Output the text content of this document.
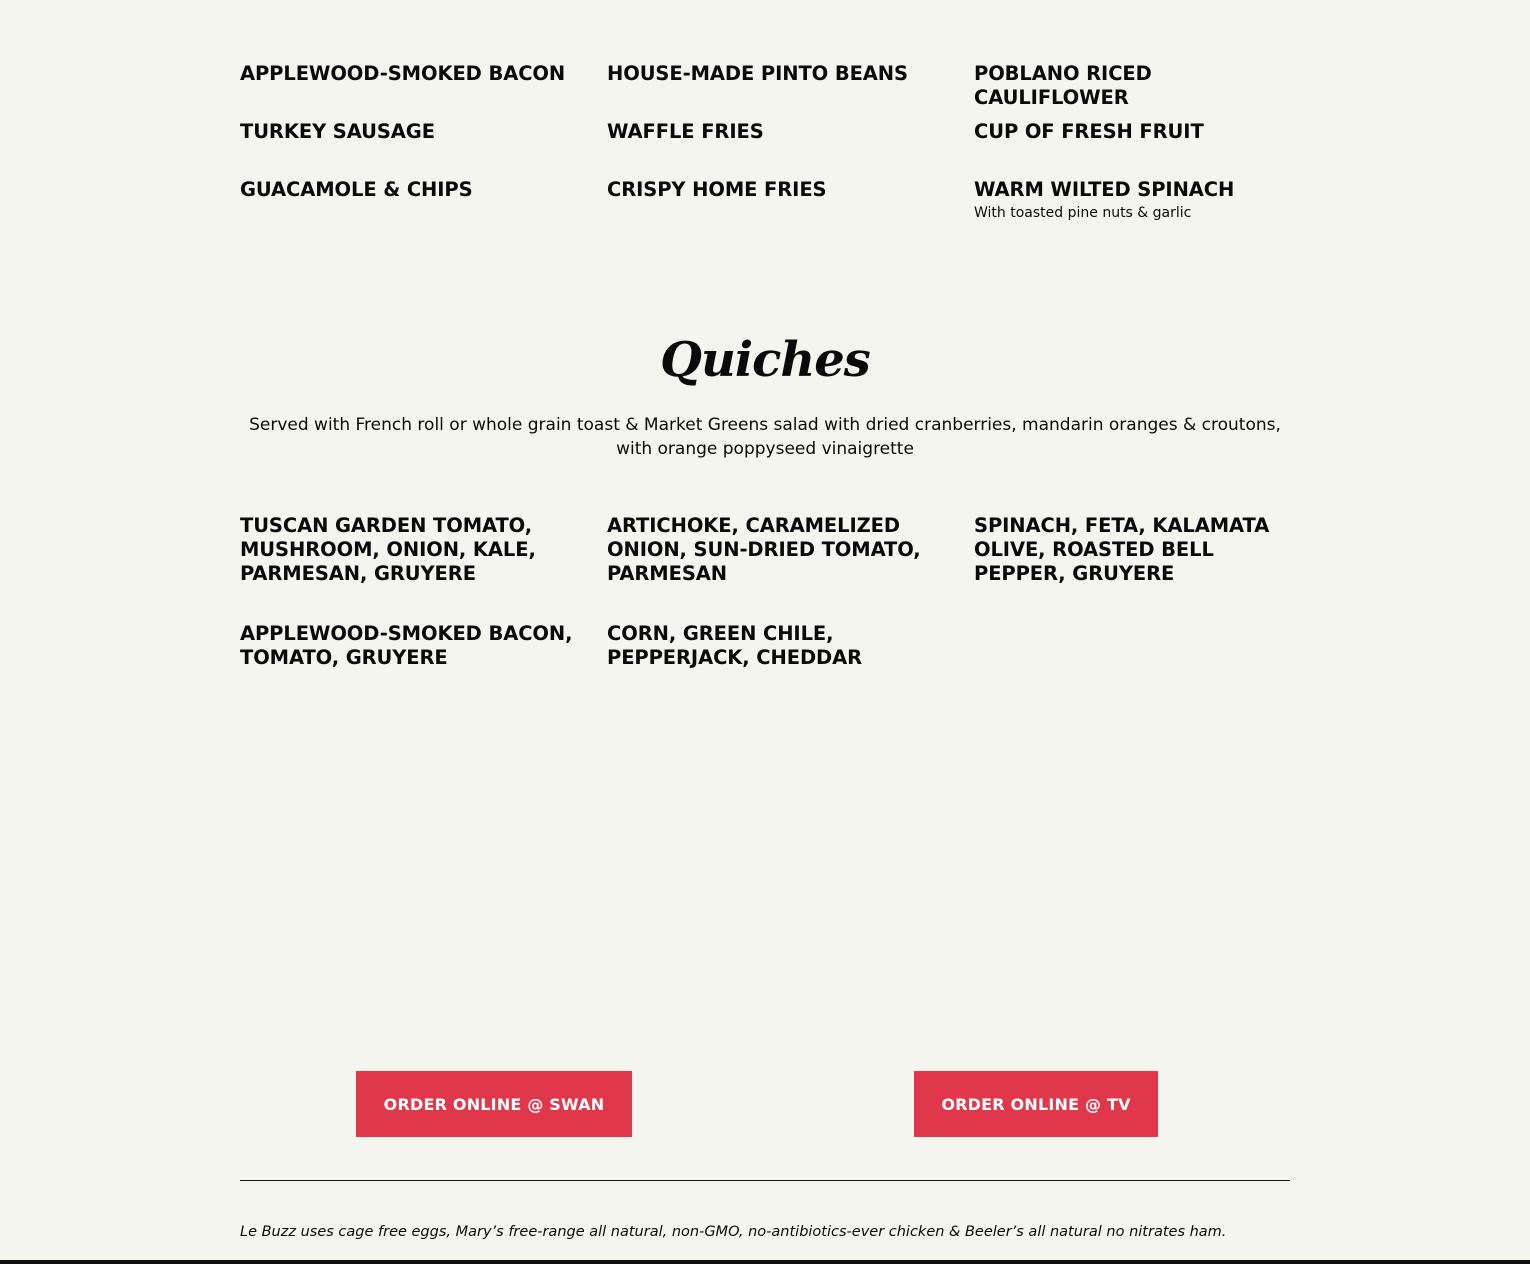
APPLEWOOD-SMOKED BACON	HOUSE-MADE PINTO BEANS	POBLANO RICED CAULIFLOWER
TURKEY SAUSAGE	WAFFLE FRIES	CUP OF FRESH FRUIT
GUACAMOLE & CHIPS	CRISPY HOME FRIES	WARM WILTED SPINACH
With toasted pine nuts & garlic
Quiches

Served with French roll or whole grain toast & Market Greens salad with dried cranberries, mandarin oranges & croutons, with orange poppyseed vinaigrette

TUSCAN GARDEN TOMATO, MUSHROOM, ONION, KALE, PARMESAN, GRUYERE
ARTICHOKE, CARAMELIZED ONION, SUN-DRIED TOMATO, PARMESAN
SPINACH, FETA, KALAMATA OLIVE, ROASTED BELL PEPPER, GRUYERE
APPLEWOOD-SMOKED BACON, TOMATO, GRUYERE
CORN, GREEN CHILE, PEPPERJACK, CHEDDAR
ORDER ONLINE @ SWAN	ORDER ONLINE @ TV

Le Buzz uses cage free eggs, Mary’s free-range all natural, non-GMO, no-antibiotics-ever chicken & Beeler’s all natural no nitrates ham.
